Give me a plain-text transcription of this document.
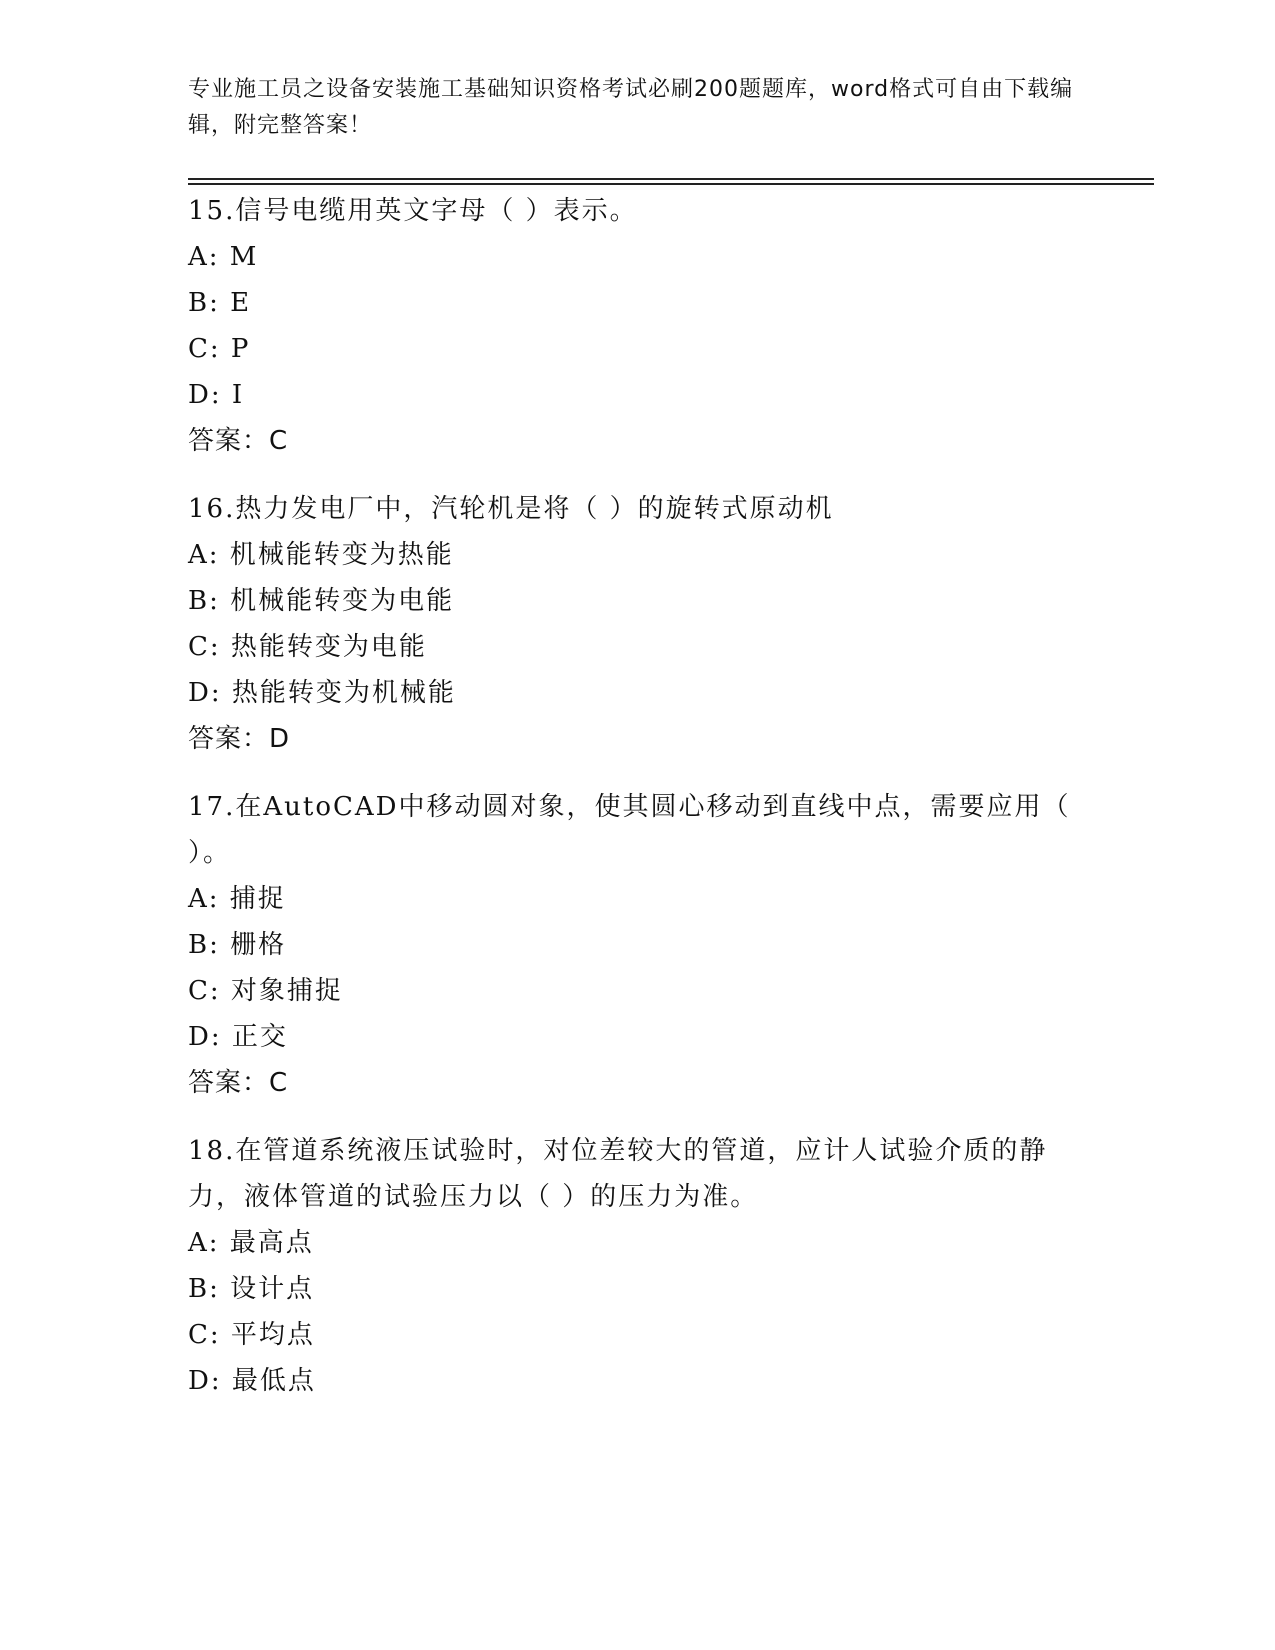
专业施工员之设备安装施工基础知识资格考试必刷200题题库，word格式可自由下载编辑，附完整答案！
15.信号电缆用英文字母（ ）表示。
A: M
B: E
C: P
D: I
答案：C
16.热力发电厂中，汽轮机是将（ ）的旋转式原动机
A: 机械能转变为热能
B: 机械能转变为电能
C: 热能转变为电能
D: 热能转变为机械能
答案：D
17.在AutoCAD中移动圆对象，使其圆心移动到直线中点，需要应用（ ）。
A: 捕捉
B: 栅格
C: 对象捕捉
D: 正交
答案：C
18.在管道系统液压试验时，对位差较大的管道，应计人试验介质的静力，液体管道的试验压力以（ ）的压力为准。
A: 最高点
B: 设计点
C: 平均点
D: 最低点
